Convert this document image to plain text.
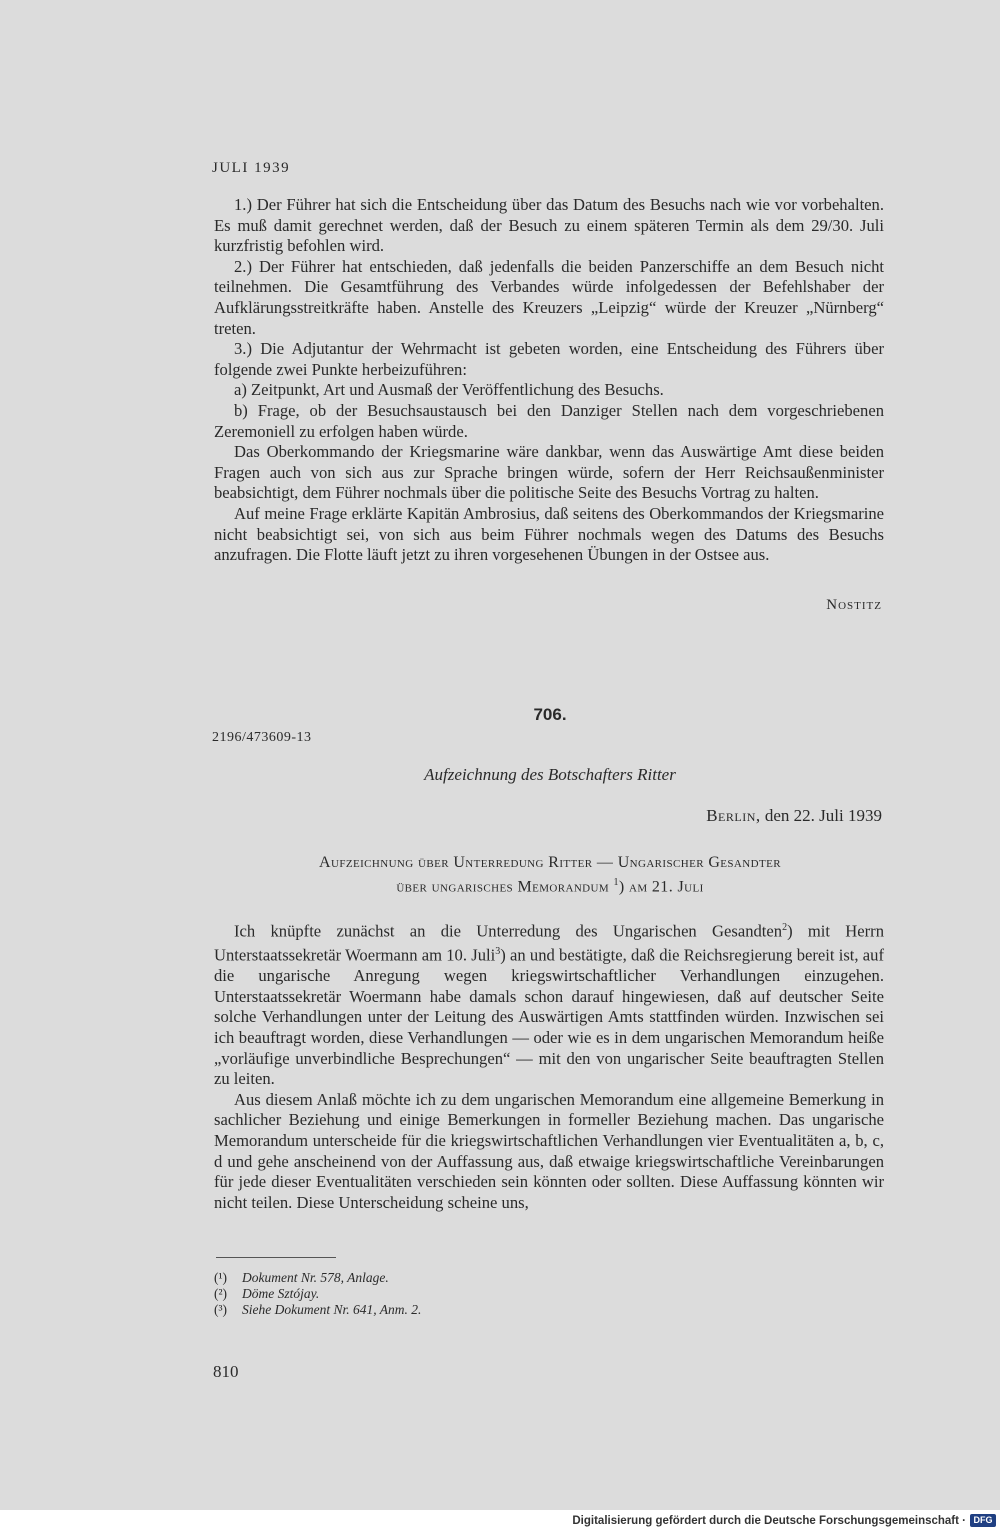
JULI 1939

1.) Der Führer hat sich die Entscheidung über das Datum des Besuchs nach wie vor vorbehalten. Es muß damit gerechnet werden, daß der Besuch zu einem späteren Termin als dem 29/30. Juli kurzfristig befohlen wird.

2.) Der Führer hat entschieden, daß jedenfalls die beiden Panzerschiffe an dem Besuch nicht teilnehmen. Die Gesamtführung des Verbandes würde infolgedessen der Befehlshaber der Aufklärungsstreitkräfte haben. Anstelle des Kreuzers „Leipzig“ würde der Kreuzer „Nürnberg“ treten.

3.) Die Adjutantur der Wehrmacht ist gebeten worden, eine Entscheidung des Führers über folgende zwei Punkte herbeizuführen:

a) Zeitpunkt, Art und Ausmaß der Veröffentlichung des Besuchs.

b) Frage, ob der Besuchsaustausch bei den Danziger Stellen nach dem vorgeschriebenen Zeremoniell zu erfolgen haben würde.

Das Oberkommando der Kriegsmarine wäre dankbar, wenn das Auswärtige Amt diese beiden Fragen auch von sich aus zur Sprache bringen würde, sofern der Herr Reichsaußenminister beabsichtigt, dem Führer nochmals über die politische Seite des Besuchs Vortrag zu halten.

Auf meine Frage erklärte Kapitän Ambrosius, daß seitens des Oberkommandos der Kriegsmarine nicht beabsichtigt sei, von sich aus beim Führer nochmals wegen des Datums des Besuchs anzufragen. Die Flotte läuft jetzt zu ihren vorgesehenen Übungen in der Ostsee aus.

Nostitz
706.
2196/473609-13
Aufzeichnung des Botschafters Ritter
Berlin, den 22. Juli 1939
Aufzeichnung über Unterredung Ritter — Ungarischer Gesandter
über ungarisches Memorandum $^1$) am 21. Juli

Ich knüpfte zunächst an die Unterredung des Ungarischen Gesandten$^2$) mit Herrn Unterstaatssekretär Woermann am 10. Juli$^3$) an und bestätigte, daß die Reichsregierung bereit ist, auf die ungarische Anregung wegen kriegswirtschaftlicher Verhandlungen einzugehen. Unterstaatssekretär Woermann habe damals schon darauf hingewiesen, daß auf deutscher Seite solche Verhandlungen unter der Leitung des Auswärtigen Amts stattfinden würden. Inzwischen sei ich beauftragt worden, diese Verhandlungen — oder wie es in dem ungarischen Memorandum heiße „vorläufige unverbindliche Besprechungen“ — mit den von ungarischer Seite beauftragten Stellen zu leiten.

Aus diesem Anlaß möchte ich zu dem ungarischen Memorandum eine allgemeine Bemerkung in sachlicher Beziehung und einige Bemerkungen in formeller Beziehung machen. Das ungarische Memorandum unterscheide für die kriegswirtschaftlichen Verhandlungen vier Eventualitäten a, b, c, d und gehe anscheinend von der Auffassung aus, daß etwaige kriegswirtschaftliche Vereinbarungen für jede dieser Eventualitäten verschieden sein könnten oder sollten. Diese Auffassung könnten wir nicht teilen. Diese Unterscheidung scheine uns,

(¹) Dokument Nr. 578, Anlage.
(²) Döme Sztójay.
(³) Siehe Dokument Nr. 641, Anm. 2.
810
Digitalisierung gefördert durch die Deutsche Forschungsgemeinschaft · DFG
